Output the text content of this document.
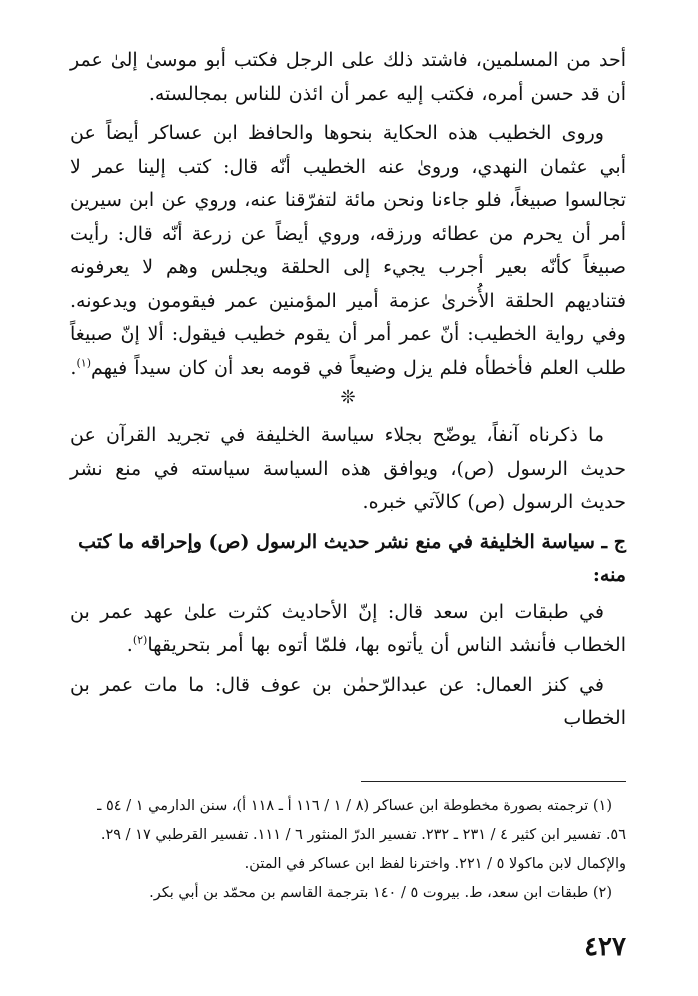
أحد من المسلمين، فاشتد ذلك على الرجل فكتب أبو موسىٰ إلىٰ عمر أن قد حسن أمره، فكتب إليه عمر أن ائذن للناس بمجالسته.

وروى الخطيب هذه الحكاية بنحوها والحافظ ابن عساكر أيضاً عن أبي عثمان النهدي، وروىٰ عنه الخطيب أنّه قال: كتب إلينا عمر لا تجالسوا صبيغاً، فلو جاءنا ونحن مائة لتفرّقنا عنه، وروي عن ابن سيرين أمر أن يحرم من عطائه ورزقه، وروي أيضاً عن زرعة أنّه قال: رأيت صبيغاً كأنّه بعير أجرب يجيء إلى الحلقة ويجلس وهم لا يعرفونه فتناديهم الحلقة الأُخرىٰ عزمة أمير المؤمنين عمر فيقومون ويدعونه. وفي رواية الخطيب: أنّ عمر أمر أن يقوم خطيب فيقول: ألا إنّ صبيغاً طلب العلم فأخطأه فلم يزل وضيعاً في قومه بعد أن كان سيداً فيهم$^{(١)}$.

❊

ما ذكرناه آنفاً، يوضّح بجلاء سياسة الخليفة في تجريد القرآن عن حديث الرسول (ص)، ويوافق هذه السياسة سياسته في منع نشر حديث الرسول (ص) كالآتي خبره.

ج ـ سياسة الخليفة في منع نشر حديث الرسول (ص) وإحراقه ما كتب منه:

في طبقات ابن سعد قال: إنّ الأحاديث كثرت علىٰ عهد عمر بن الخطاب فأنشد الناس أن يأتوه بها، فلمّا أتوه بها أمر بتحريقها$^{(٢)}$.

في كنز العمال: عن عبدالرّحمٰن بن عوف قال: ما مات عمر بن الخطاب

(١) ترجمته بصورة مخطوطة ابن عساكر (٨ / ١ / ١١٦ أ ـ ١١٨ أ)، سنن الدارمي ١ / ٥٤ ـ

٥٦. تفسير ابن كثير ٤ / ٢٣١ ـ ٢٣٢. تفسير الدرّ المنثور ٦ / ١١١. تفسير القرطبي ١٧ / ٢٩.

والإكمال لابن ماكولا ٥ / ٢٢١. واخترنا لفظ ابن عساكر في المتن.

(٢) طبقات ابن سعد، ط. بيروت ٥ / ١٤٠ بترجمة القاسم بن محمّد بن أبي بكر.

٤٢٧
